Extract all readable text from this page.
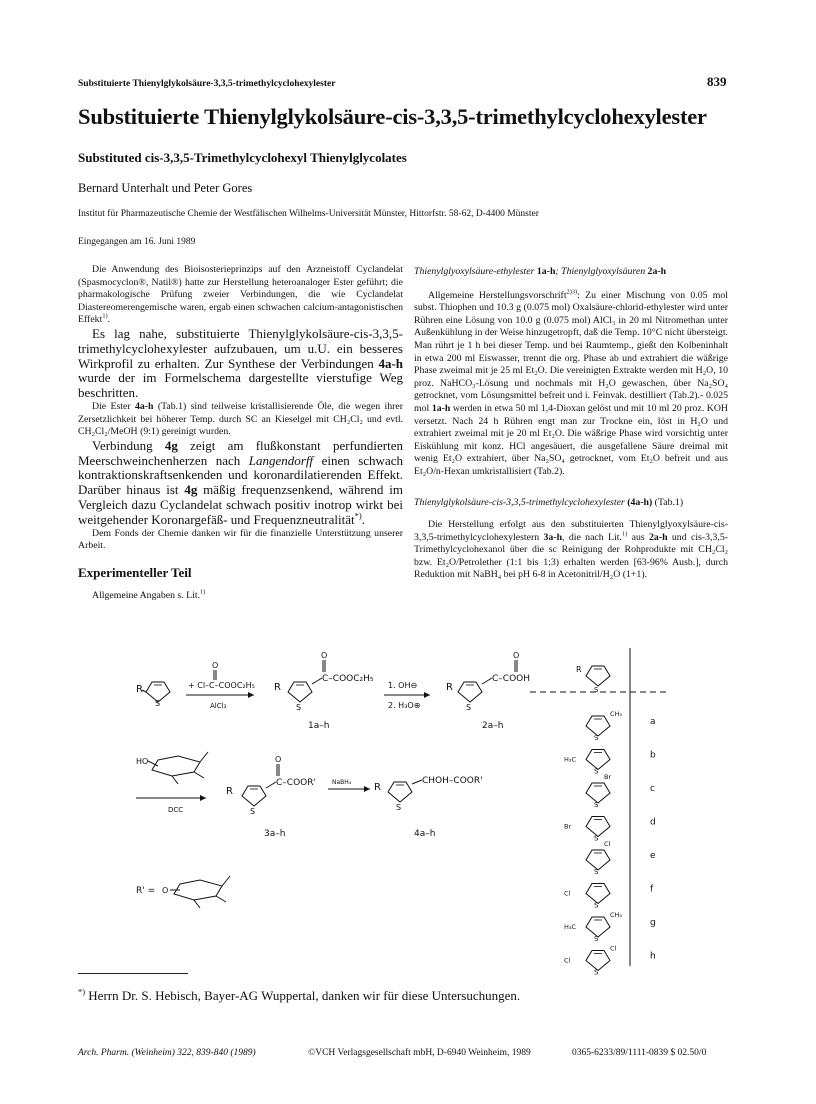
Substituierte Thienylglykolsäure-3,3,5-trimethylcyclohexylester	839
Substituierte Thienylglykolsäure-cis-3,3,5-trimethylcyclohexylester
Substituted cis-3,3,5-Trimethylcyclohexyl Thienylglycolates
Bernard Unterhalt und Peter Gores
Institut für Pharmazeutische Chemie der Westfälischen Wilhelms-Universität Münster, Hittorfstr. 58-62, D-4400 Münster
Eingegangen am 16. Juni 1989

Die Anwendung des Bioisosterieprinzips auf den Arzneistoff Cyclandelat (Spasmocyclon®, Natil®) hatte zur Herstellung heteroanaloger Ester geführt; die pharmakologische Prüfung zweier Verbindungen, die wie Cyclandelat Diastereomerengemische waren, ergab einen schwachen calcium-antagonistischen Effekt$^{1)}$.

Es lag nahe, substituierte Thienylglykolsäure-cis-3,3,5-trimethylcyclohexylester aufzubauen, um u.U. ein besseres Wirkprofil zu erhalten. Zur Synthese der Verbindungen 4a-h wurde der im Formelschema dargestellte vierstufige Weg beschritten.

Die Ester 4a-h (Tab.1) sind teilweise kristallisierende Öle, die wegen ihrer Zersetzlichkeit bei höherer Temp. durch SC an Kieselgel mit CH₂Cl₂ und evtl. CH₂Cl₂/MeOH (9:1) gereinigt wurden.

Verbindung 4g zeigt am flußkonstant perfundierten Meerschweinchenherzen nach Langendorff einen schwach kontraktionskraftsenkenden und koronardilatierenden Effekt. Darüber hinaus ist 4g mäßig frequenzsenkend, während im Vergleich dazu Cyclandelat schwach positiv inotrop wirkt bei weitgehender Koronargefäß- und Frequenzneutralität*).

Dem Fonds der Chemie danken wir für die finanzielle Unterstützung unserer Arbeit.

Experimenteller Teil

Allgemeine Angaben s. Lit.$^{1)}$

Thienylglyoxylsäure-ethylester 1a-h; Thienylglyoxylsäuren 2a-h

Allgemeine Herstellungsvorschrift$^{2)3)}$: Zu einer Mischung von 0.05 mol subst. Thiophen und 10.3 g (0.075 mol) Oxalsäure-chlorid-ethylester wird unter Rühren eine Lösung von 10.0 g (0.075 mol) AlCl₃ in 20 ml Nitromethan unter Außenkühlung in der Weise hinzugetropft, daß die Temp. 10°C nicht übersteigt. Man rührt je 1 h bei dieser Temp. und bei Raumtemp., gießt den Kolbeninhalt in etwa 200 ml Eiswasser, trennt die org. Phase ab und extrahiert die wäßrige Phase zweimal mit je 25 ml Et₂O. Die vereinigten Extrakte werden mit H₂O, 10 proz. NaHCO₃-Lösung und nochmals mit H₂O gewaschen, über Na₂SO₄ getrocknet, vom Lösungsmittel befreit und i. Feinvak. destilliert (Tab.2).- 0.025 mol 1a-h werden in etwa 50 ml 1,4-Dioxan gelöst und mit 10 ml 20 proz. KOH versetzt. Nach 24 h Rühren engt man zur Trockne ein, löst in H₂O und extrahiert zweimal mit je 20 ml Et₂O. Die wäßrige Phase wird vorsichtig unter Eiskühlung mit konz. HCl angesäuert, die ausgefallene Säure dreimal mit wenig Et₂O extrahiert, über Na₂SO₄ getrocknet, vom Et₂O befreit und aus Et₂O/n-Hexan umkristallisiert (Tab.2).

Thienylglykolsäure-cis-3,3,5-trimethylcyclohexylester (4a-h) (Tab.1)

Die Herstellung erfolgt aus den substituierten Thienylglyoxylsäure-cis-3,3,5-trimethylcyclohexylestern 3a-h, die nach Lit.$^{1)}$ aus 2a-h und cis-3,3,5-Trimethylcyclohexanol über die sc Reinigung der Rohprodukte mit CH₂Cl₂ bzw. Et₂O/Petrolether (1:1 bis 1:3) erhalten werden [63-96% Ausb.], durch Reduktion mit NaBH₄ bei pH 6-8 in Acetonitril/H₂O (1+1).

R
S
+ Cl–C–COOC₂H₅
O
AlCl₃
R
S
C–COOC₂H₅
O
1a–h
1. OH⊖
2. H₃O⊕
R
S
C–COOH
O
2a–h
HO
DCC
R
S
C–COOR'
O
3a–h
NaBH₄ R
S
CHOH–COOR'
4a–h
R' = O
R
S
S
CH₃
a
S
H₃C	b
S
Br
c
S
Br	d
S
Cl
e
S
Cl	f
S
H₃C
CH₃
g
S
Cl
Cl
h
*) Herrn Dr. S. Hebisch, Bayer-AG Wuppertal, danken wir für diese Untersuchungen.
Arch. Pharm. (Weinheim) 322, 839-840 (1989)	©VCH Verlagsgesellschaft mbH, D-6940 Weinheim, 1989	0365-6233/89/1111-0839 $ 02.50/0
